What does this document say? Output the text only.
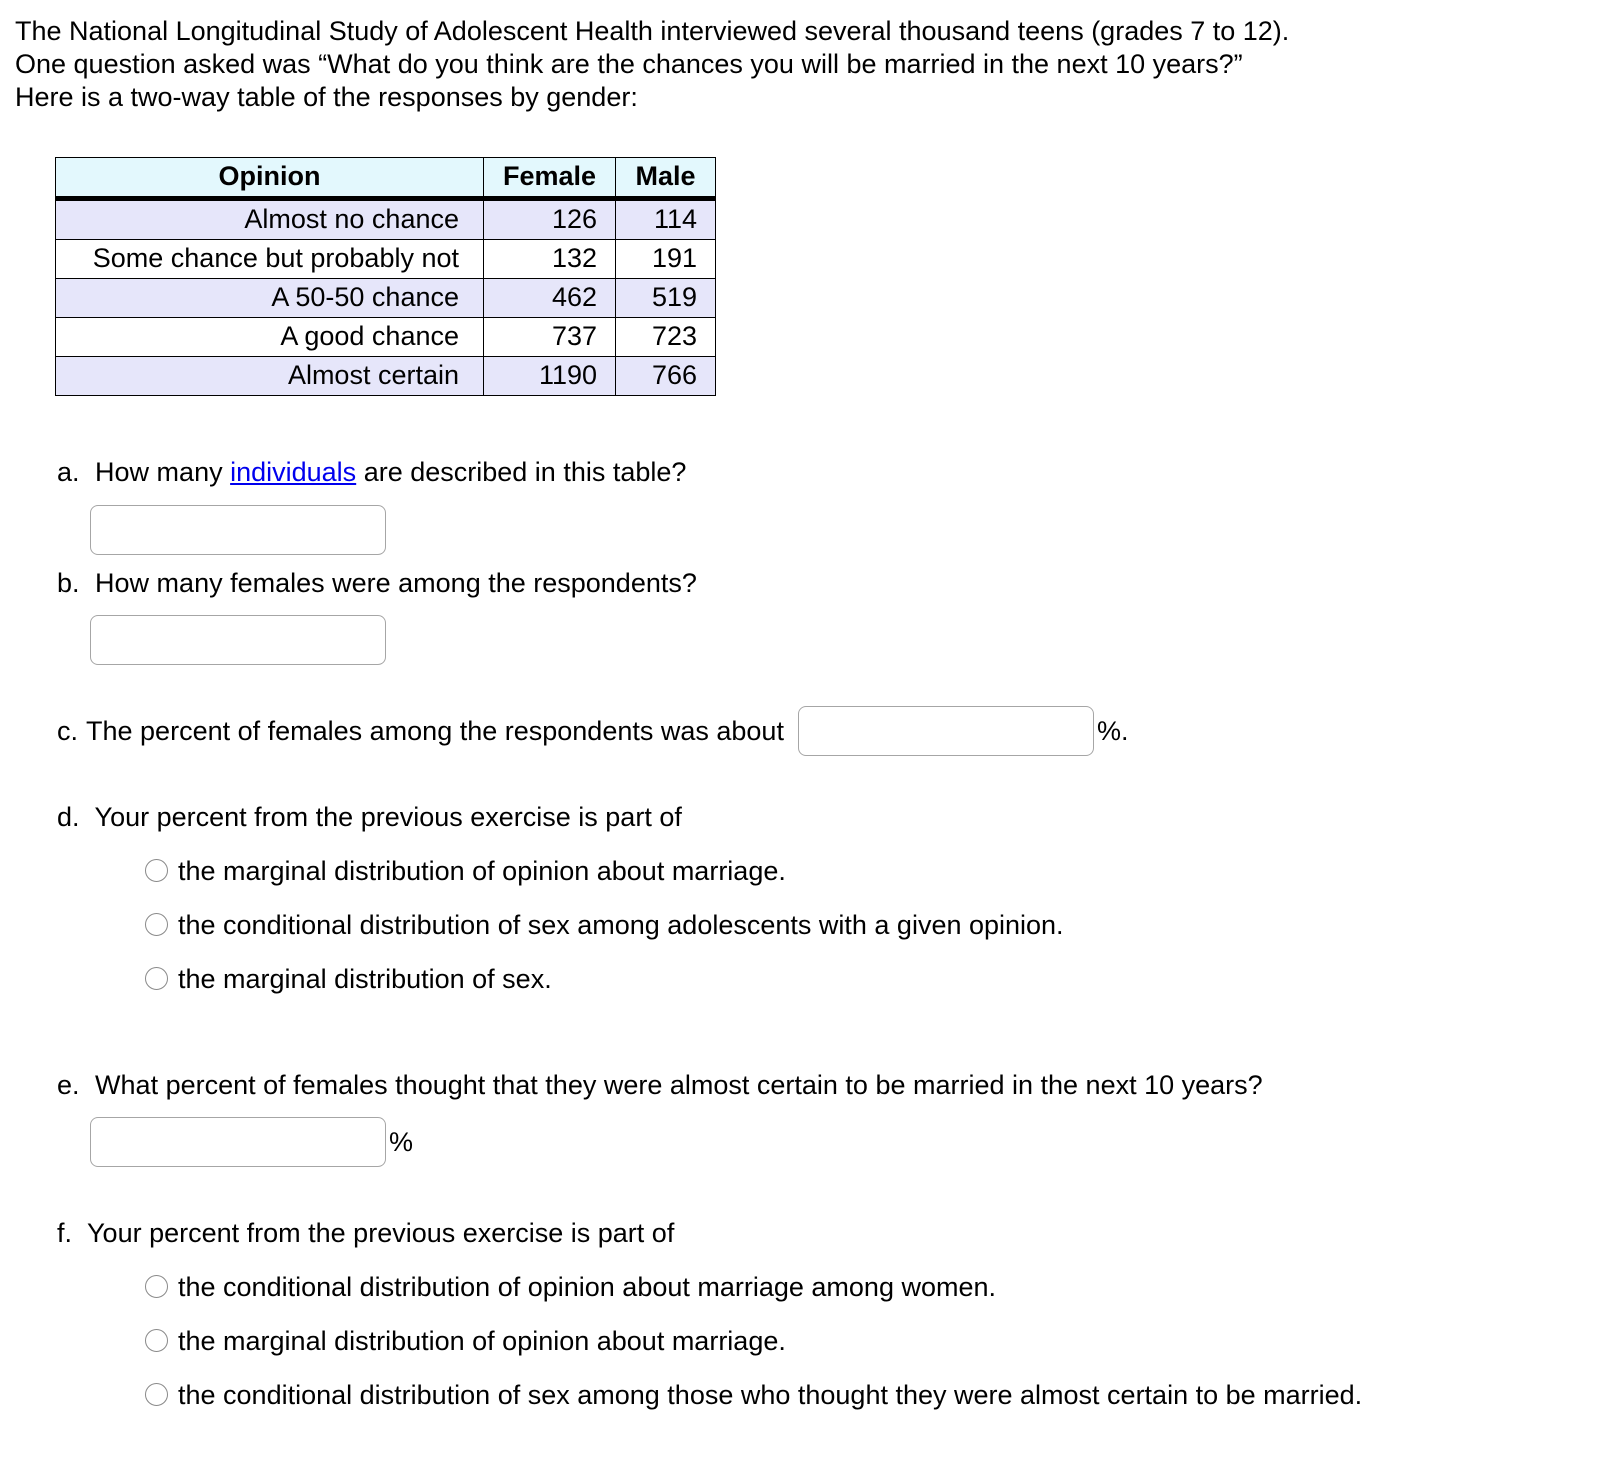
The National Longitudinal Study of Adolescent Health interviewed several thousand teens (grades 7 to 12).

One question asked was “What do you think are the chances you will be married in the next 10 years?”

Here is a two-way table of the responses by gender:

Opinion	Female	Male
Almost no chance	126	114
Some chance but probably not	132	191
A 50-50 chance	462	519
A good chance	737	723
Almost certain	1190	766
a. How many individuals are described in this table?
b. How many females were among the respondents?
c. The percent of females among the respondents was about	%.
d. Your percent from the previous exercise is part of
the marginal distribution of opinion about marriage.
the conditional distribution of sex among adolescents with a given opinion.
the marginal distribution of sex.
e. What percent of females thought that they were almost certain to be married in the next 10 years?
%
f. Your percent from the previous exercise is part of
the conditional distribution of opinion about marriage among women.
the marginal distribution of opinion about marriage.
the conditional distribution of sex among those who thought they were almost certain to be married.
